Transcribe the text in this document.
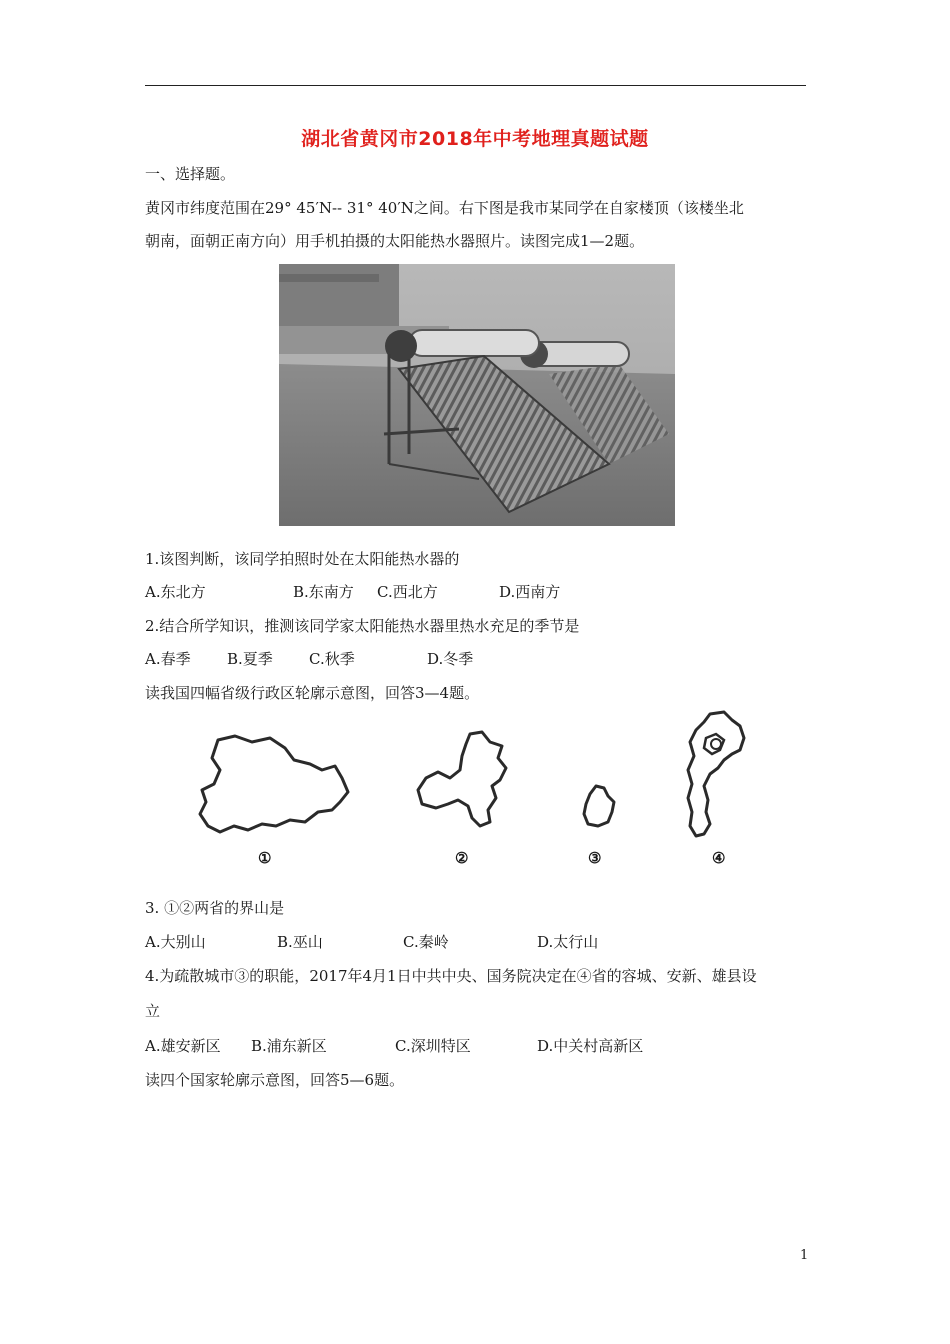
湖北省黄冈市2018年中考地理真题试题
一、选择题。
黄冈市纬度范围在29° 45′N-- 31° 40′N之间。右下图是我市某同学在自家楼顶（该楼坐北
朝南，面朝正南方向）用手机拍摄的太阳能热水器照片。读图完成1—2题。
1.该图判断，该同学拍照时处在太阳能热水器的
A.东北方	B.东南方 C.西北方	D.西南方
2.结合所学知识，推测该同学家太阳能热水器里热水充足的季节是
A.春季 B.夏季 C.秋季	D.冬季
读我国四幅省级行政区轮廓示意图，回答3—4题。
①	②	③	④
3. ①②两省的界山是
A.大别山	B.巫山	C.秦岭	D.太行山
4.为疏散城市③的职能，2017年4月1日中共中央、国务院决定在④省的容城、安新、雄县设
立
A.雄安新区 B.浦东新区	C.深圳特区	D.中关村高新区
读四个国家轮廓示意图，回答5—6题。
1
